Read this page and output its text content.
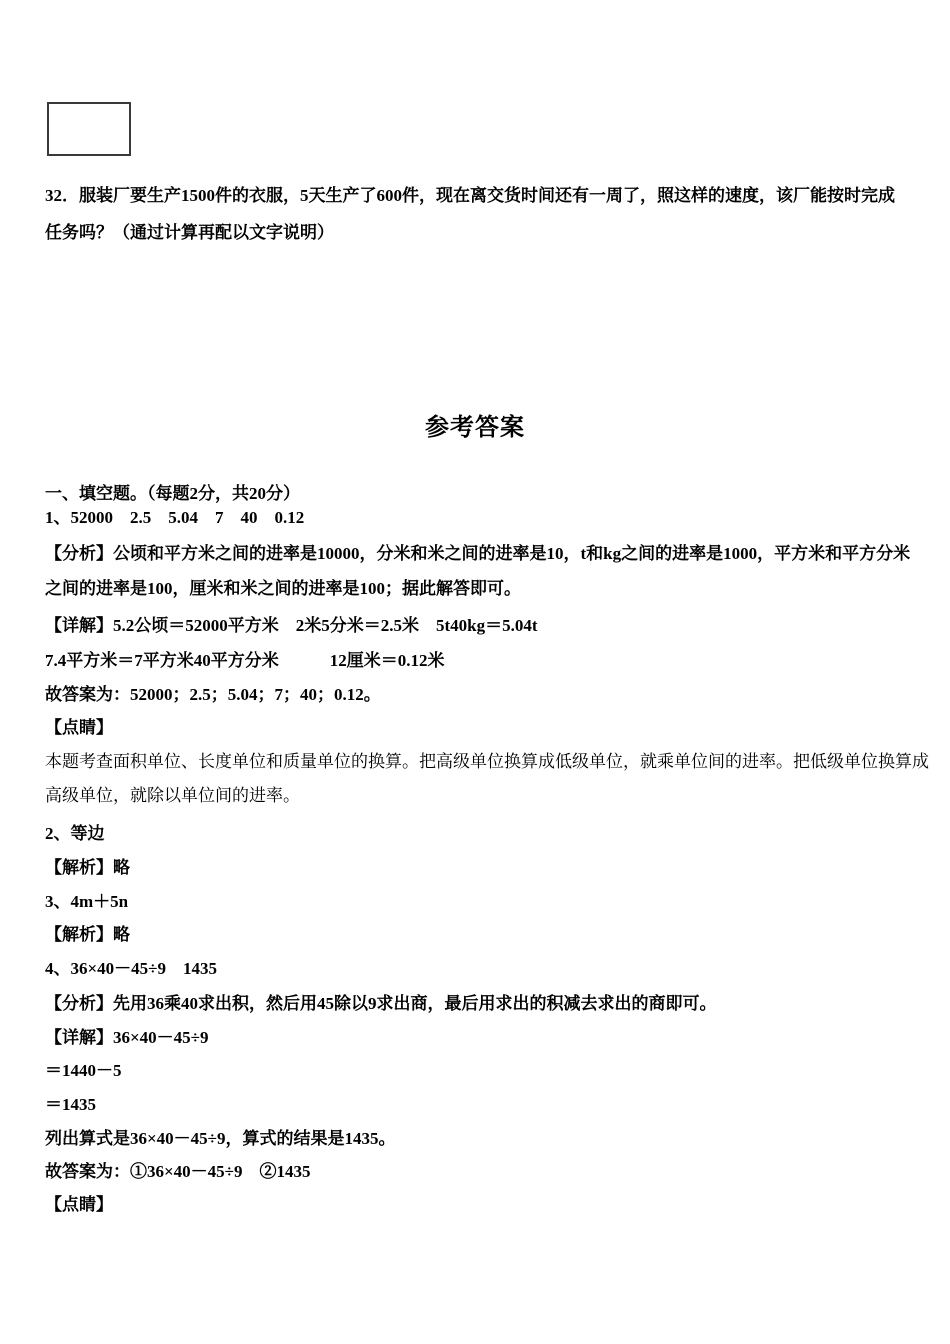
32．服装厂要生产1500件的衣服，5天生产了600件，现在离交货时间还有一周了，照这样的速度，该厂能按时完成

任务吗？（通过计算再配以文字说明）

参考答案

一、填空题。（每题2分，共20分）

1、52000　2.5　5.04　7　40　0.12

【分析】公顷和平方米之间的进率是10000，分米和米之间的进率是10，t和kg之间的进率是1000，平方米和平方分米

之间的进率是100，厘米和米之间的进率是100；据此解答即可。

【详解】5.2公顷＝52000平方米　2米5分米＝2.5米　5t40kg＝5.04t

7.4平方米＝7平方米40平方分米　　　12厘米＝0.12米

故答案为：52000；2.5；5.04；7；40；0.12。

【点睛】

本题考查面积单位、长度单位和质量单位的换算。把高级单位换算成低级单位，就乘单位间的进率。把低级单位换算成

高级单位，就除以单位间的进率。

2、等边

【解析】略

3、4m＋5n

【解析】略

4、36×40－45÷9　1435

【分析】先用36乘40求出积，然后用45除以9求出商，最后用求出的积减去求出的商即可。

【详解】36×40－45÷9

＝1440－5

＝1435

列出算式是36×40－45÷9，算式的结果是1435。

故答案为：①36×40－45÷9　②1435

【点睛】
